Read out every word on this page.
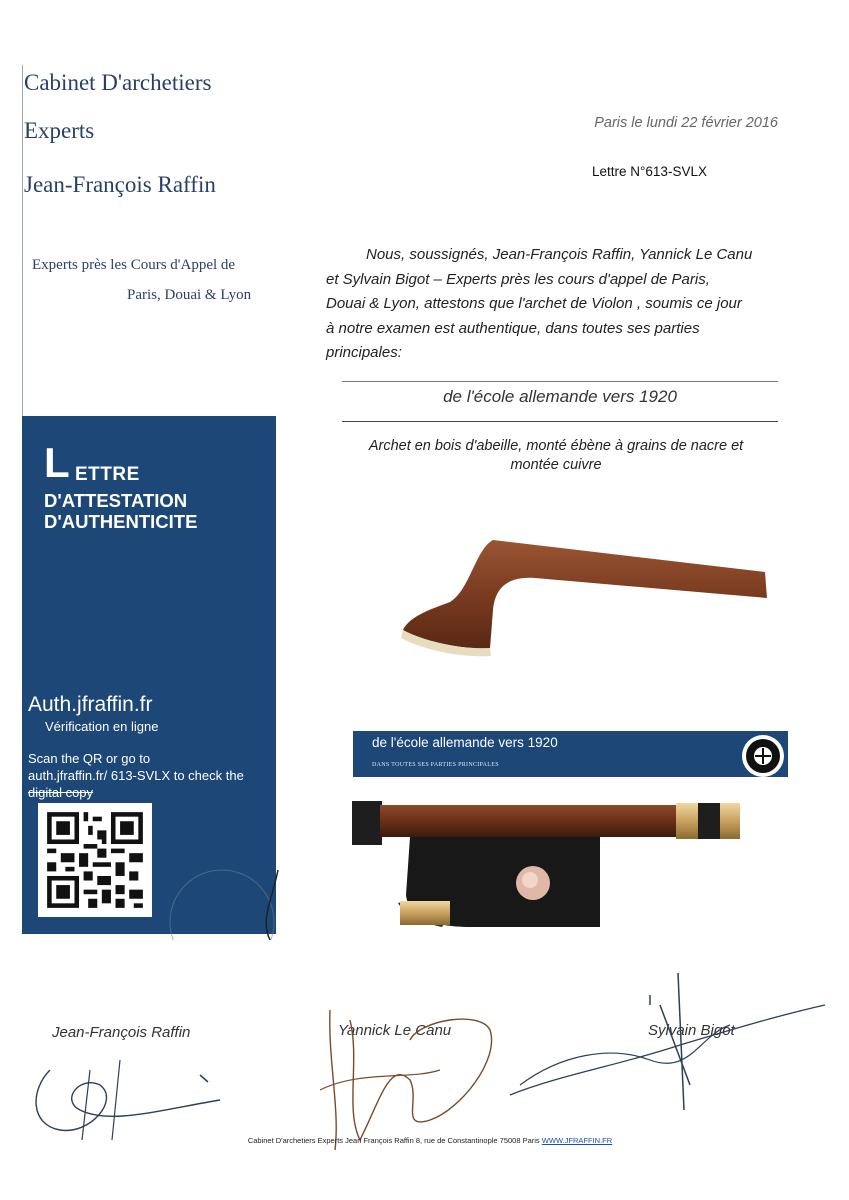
Cabinet D'archetiers
Experts
Jean-François Raffin
Experts près les Cours d'Appel de
Paris, Douai & Lyon
Paris le lundi 22 février 2016
Lettre N°613-SVLX
Nous, soussignés, Jean-François Raffin, Yannick Le Canu
et Sylvain Bigot – Experts près les cours d'appel de Paris,
Douai & Lyon, attestons que l'archet de Violon , soumis ce jour
à notre examen est authentique, dans toutes ses parties
principales:
de l'école allemande vers 1920
Archet en bois d'abeille, monté ébène à grains de nacre et
montée cuivre
L ETTRE
D'ATTESTATION
D'AUTHENTICITE
Auth.jfraffin.fr
Vérification en ligne
Scan the QR or go to
auth.jfraffin.fr/ 613-SVLX to check the
digital copy
de l'école allemande vers 1920
DANS TOUTES SES PARTIES PRINCIPALES
Jean-François Raffin	Yannick Le Canu	Sylvain Bigot
Cabinet D'archetiers Experts Jean François Raffin 8, rue de Constantinople 75008 Paris WWW.JFRAFFIN.FR
